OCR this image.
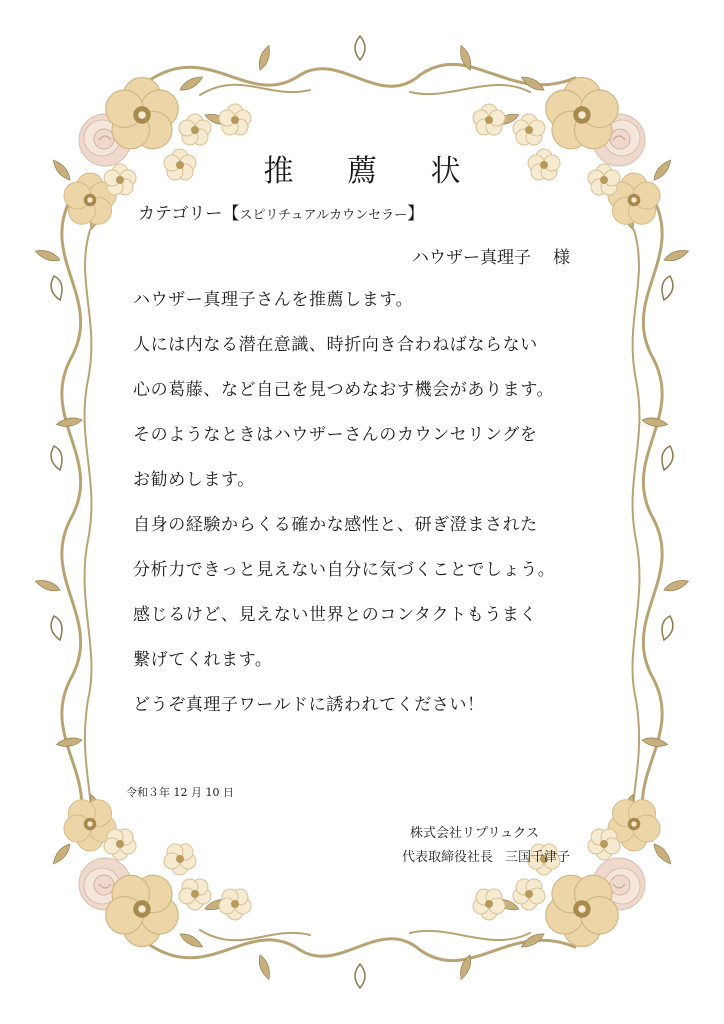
推 薦 状
カテゴリー【スピリチュアルカウンセラー】
ハウザー真理子 様
ハウザー真理子さんを推薦します。
人には内なる潜在意識、時折向き合わねばならない
心の葛藤、など自己を見つめなおす機会があります。
そのようなときはハウザーさんのカウンセリングを
お勧めします。
自身の経験からくる確かな感性と、研ぎ澄まされた
分析力できっと見えない自分に気づくことでしょう。
感じるけど、見えない世界とのコンタクトもうまく
繋げてくれます。
どうぞ真理子ワールドに誘われてください！
令和３年 12 月 10 日
株式会社リプリュクス
代表取締役社長 三国千津子
